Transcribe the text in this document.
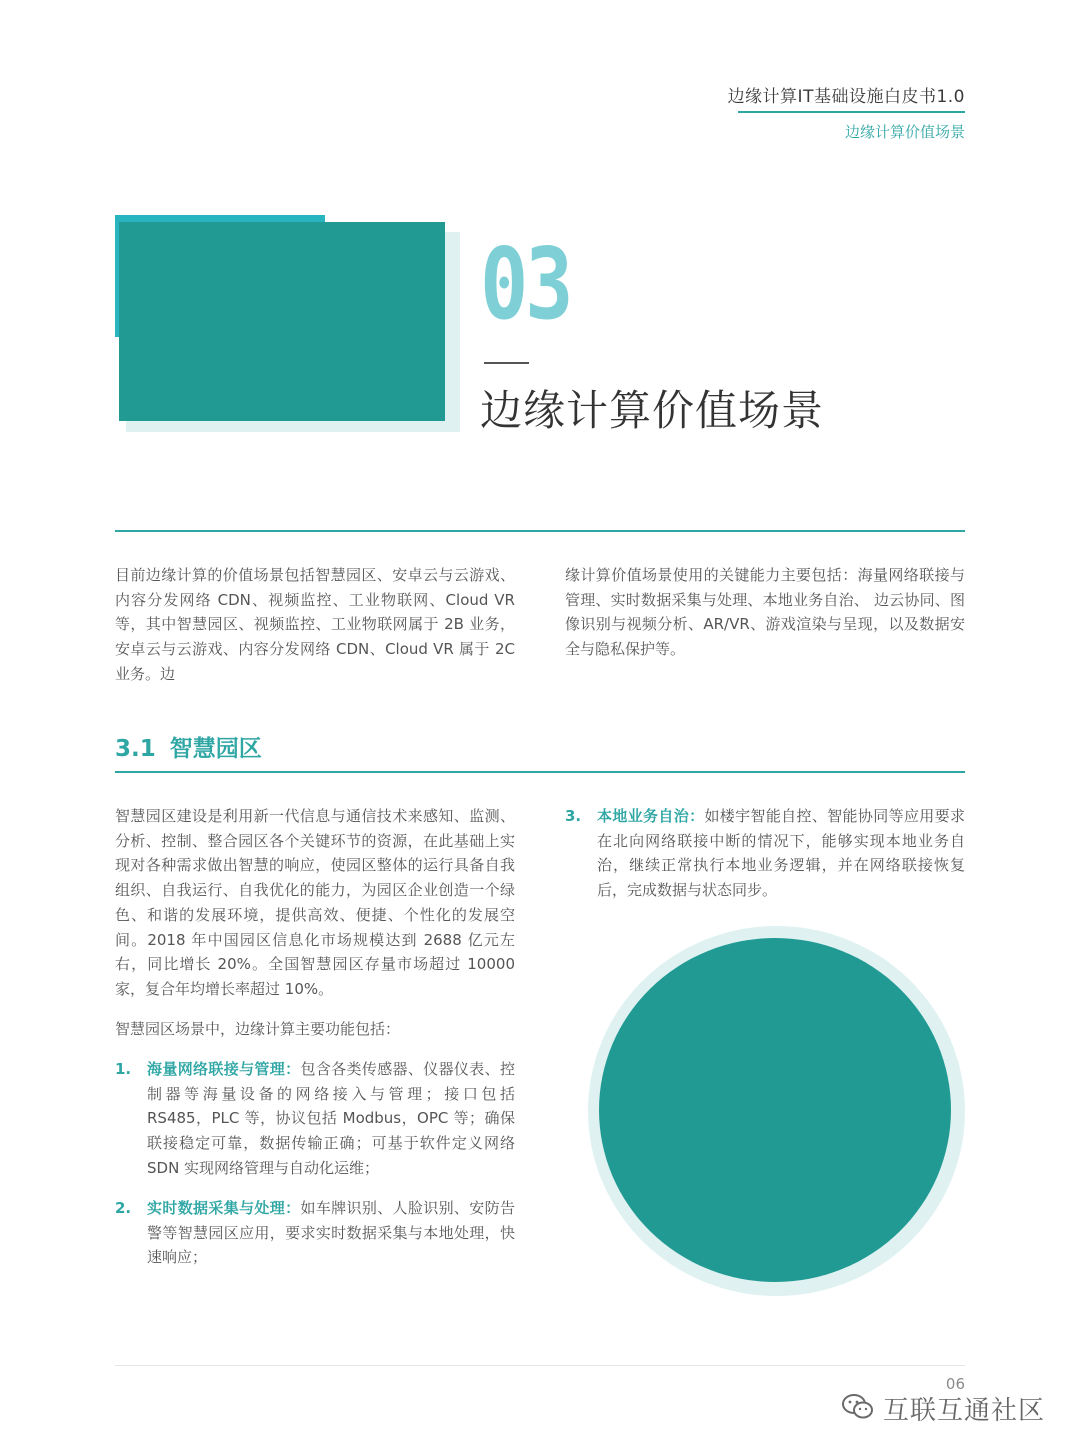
边缘计算IT基础设施白皮书1.0
边缘计算价值场景
03
边缘计算价值场景

目前边缘计算的价值场景包括智慧园区、安卓云与云游戏、内容分发网络 CDN、视频监控、工业物联网、Cloud VR 等，其中智慧园区、视频监控、工业物联网属于 2B 业务，安卓云与云游戏、内容分发网络 CDN、Cloud VR 属于 2C 业务。边

缘计算价值场景使用的关键能力主要包括：海量网络联接与管理、实时数据采集与处理、本地业务自治、 边云协同、图像识别与视频分析、AR/VR、游戏渲染与呈现，以及数据安全与隐私保护等。

3.1 智慧园区

智慧园区建设是利用新一代信息与通信技术来感知、监测、分析、控制、整合园区各个关键环节的资源，在此基础上实现对各种需求做出智慧的响应，使园区整体的运行具备自我组织、自我运行、自我优化的能力，为园区企业创造一个绿色、和谐的发展环境，提供高效、便捷、个性化的发展空间。2018 年中国园区信息化市场规模达到 2688 亿元左右，同比增长 20%。全国智慧园区存量市场超过 10000 家，复合年均增长率超过 10%。

智慧园区场景中，边缘计算主要功能包括：

1. 海量网络联接与管理：包含各类传感器、仪器仪表、控制器等海量设备的网络接入与管理；接口包括 RS485，PLC 等，协议包括 Modbus，OPC 等；确保联接稳定可靠，数据传输正确；可基于软件定义网络 SDN 实现网络管理与自动化运维；
2. 实时数据采集与处理：如车牌识别、人脸识别、安防告警等智慧园区应用，要求实时数据采集与本地处理，快速响应；
3. 本地业务自治：如楼宇智能自控、智能协同等应用要求在北向网络联接中断的情况下，能够实现本地业务自治，继续正常执行本地业务逻辑，并在网络联接恢复后，完成数据与状态同步。
06
互联互通社区
